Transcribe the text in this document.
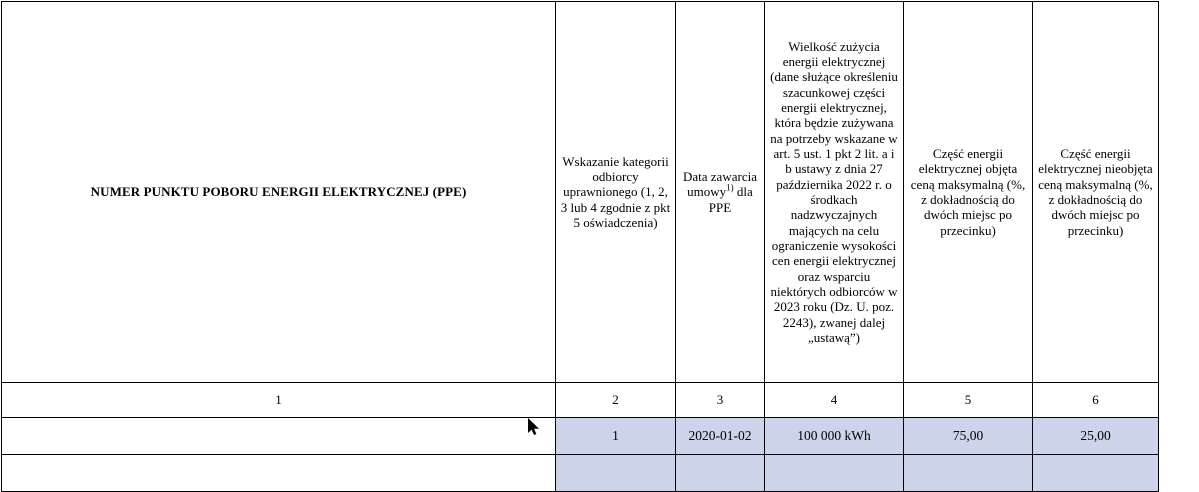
NUMER PUNKTU POBORU ENERGII ELEKTRYCZNEJ (PPE)	Wskazanie kategorii odbiorcy uprawnionego (1, 2, 3 lub 4 zgodnie z pkt 5 oświadczenia)	Data zawarcia umowy$^{1)}$ dla PPE	Wielkość zużycia energii elektrycznej (dane służące określeniu szacunkowej części energii elektrycznej, która będzie zużywana na potrzeby wskazane w art. 5 ust. 1 pkt 2 lit. a i b ustawy z dnia 27 października 2022 r. o środkach nadzwyczajnych mających na celu ograniczenie wysokości cen energii elektrycznej oraz wsparciu niektórych odbiorców w 2023 roku (Dz. U. poz. 2243), zwanej dalej „ustawą”)	Część energii elektrycznej objęta ceną maksymalną (%, z dokładnością do dwóch miejsc po przecinku)	Część energii elektrycznej nieobjęta ceną maksymalną (%, z dokładnością do dwóch miejsc po przecinku)
1	2	3	4	5	6
	1	2020-01-02	100 000 kWh	75,00	25,00
